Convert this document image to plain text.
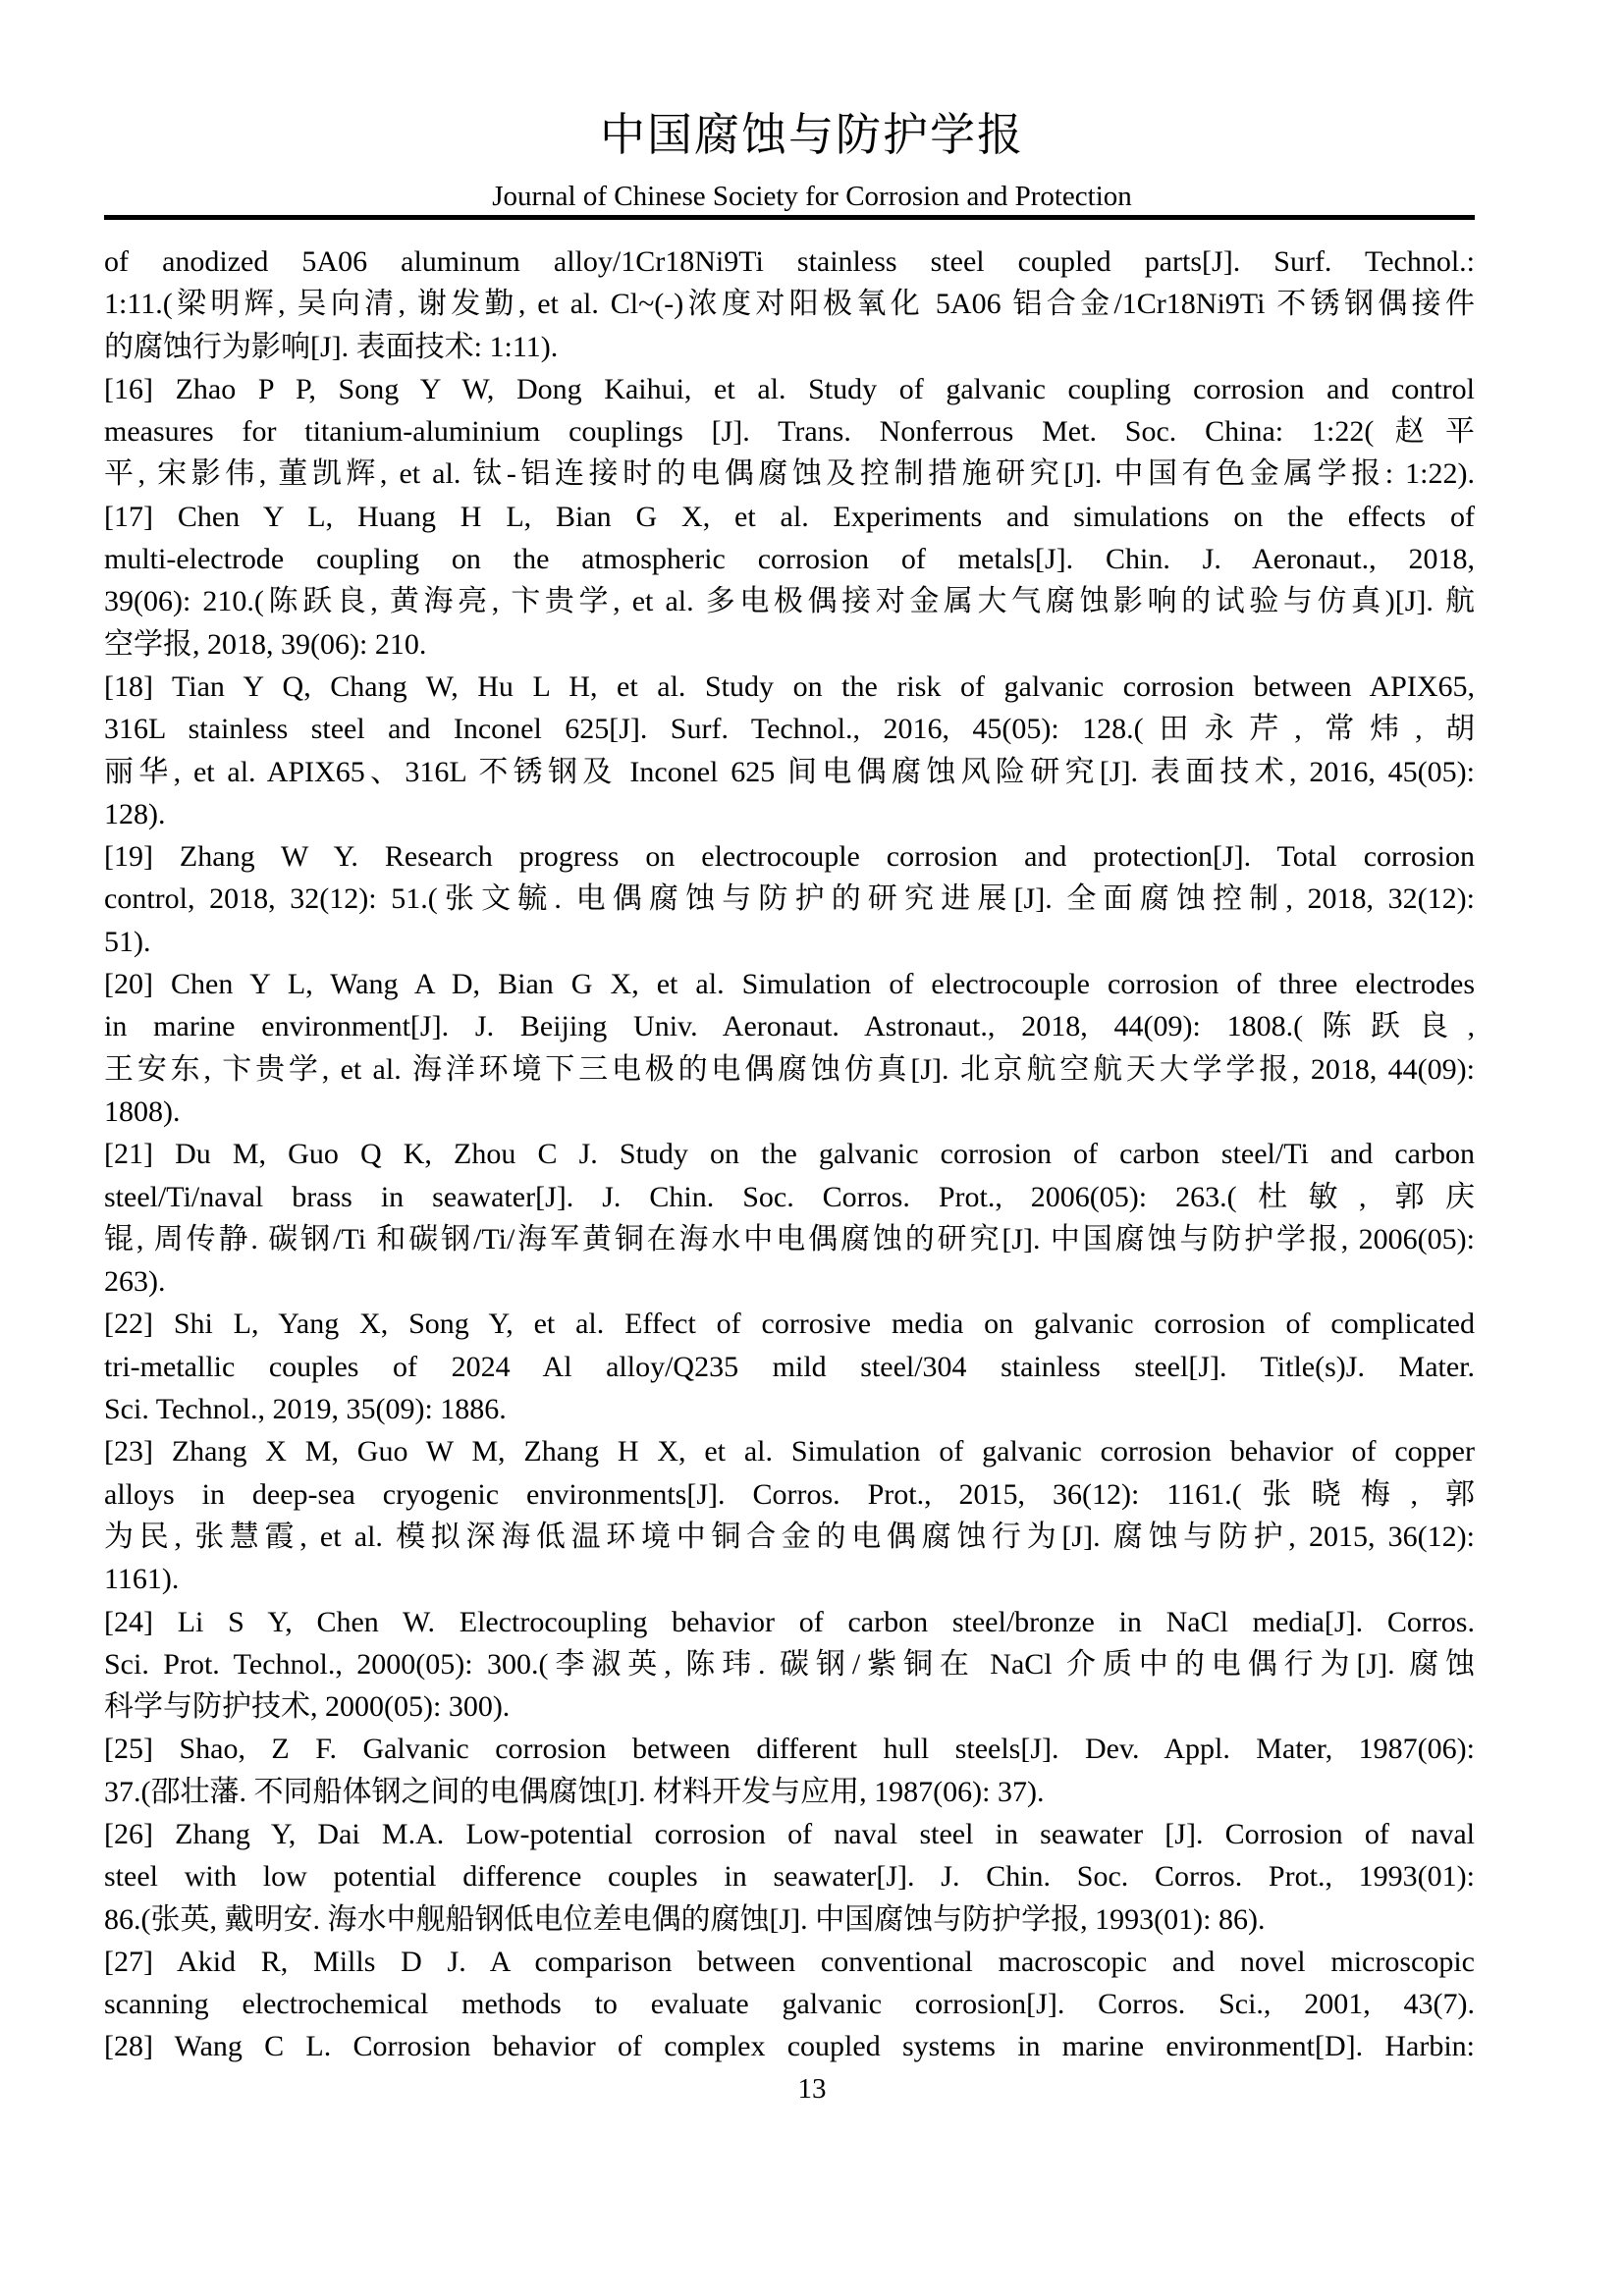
中国腐蚀与防护学报
Journal of Chinese Society for Corrosion and Protection
of anodized 5A06 aluminum alloy/1Cr18Ni9Ti stainless steel coupled parts[J]. Surf. Technol.:
1:11.(梁明辉, 吴向清, 谢发勤, et al. Cl~(-)浓度对阳极氧化 5A06 铝合金/1Cr18Ni9Ti 不锈钢偶接件
的腐蚀行为影响[J]. 表面技术: 1:11).
[16] Zhao P P, Song Y W, Dong Kaihui, et al. Study of galvanic coupling corrosion and control
measures for titanium-aluminium couplings [J]. Trans. Nonferrous Met. Soc. China: 1:22(赵平
平, 宋影伟, 董凯辉, et al. 钛-铝连接时的电偶腐蚀及控制措施研究[J]. 中国有色金属学报: 1:22).
[17] Chen Y L, Huang H L, Bian G X, et al. Experiments and simulations on the effects of
multi-electrode coupling on the atmospheric corrosion of metals[J]. Chin. J. Aeronaut., 2018,
39(06): 210.(陈跃良, 黄海亮, 卞贵学, et al. 多电极偶接对金属大气腐蚀影响的试验与仿真)[J]. 航
空学报, 2018, 39(06): 210.
[18] Tian Y Q, Chang W, Hu L H, et al. Study on the risk of galvanic corrosion between APIX65,
316L stainless steel and Inconel 625[J]. Surf. Technol., 2016, 45(05): 128.(田永芹, 常炜, 胡
丽华, et al. APIX65、316L 不锈钢及 Inconel 625 间电偶腐蚀风险研究[J]. 表面技术, 2016, 45(05):
128).
[19] Zhang W Y. Research progress on electrocouple corrosion and protection[J]. Total corrosion
control, 2018, 32(12): 51.(张文毓. 电偶腐蚀与防护的研究进展[J]. 全面腐蚀控制, 2018, 32(12):
51).
[20] Chen Y L, Wang A D, Bian G X, et al. Simulation of electrocouple corrosion of three electrodes
in marine environment[J]. J. Beijing Univ. Aeronaut. Astronaut., 2018, 44(09): 1808.(陈跃良,
王安东, 卞贵学, et al. 海洋环境下三电极的电偶腐蚀仿真[J]. 北京航空航天大学学报, 2018, 44(09):
1808).
[21] Du M, Guo Q K, Zhou C J. Study on the galvanic corrosion of carbon steel/Ti and carbon
steel/Ti/naval brass in seawater[J]. J. Chin. Soc. Corros. Prot., 2006(05): 263.(杜敏, 郭庆
锟, 周传静. 碳钢/Ti 和碳钢/Ti/海军黄铜在海水中电偶腐蚀的研究[J]. 中国腐蚀与防护学报, 2006(05):
263).
[22] Shi L, Yang X, Song Y, et al. Effect of corrosive media on galvanic corrosion of complicated
tri-metallic couples of 2024 Al alloy/Q235 mild steel/304 stainless steel[J]. Title(s)J. Mater.
Sci. Technol., 2019, 35(09): 1886.
[23] Zhang X M, Guo W M, Zhang H X, et al. Simulation of galvanic corrosion behavior of copper
alloys in deep-sea cryogenic environments[J]. Corros. Prot., 2015, 36(12): 1161.(张晓梅, 郭
为民, 张慧霞, et al. 模拟深海低温环境中铜合金的电偶腐蚀行为[J]. 腐蚀与防护, 2015, 36(12):
1161).
[24] Li S Y, Chen W. Electrocoupling behavior of carbon steel/bronze in NaCl media[J]. Corros.
Sci. Prot. Technol., 2000(05): 300.(李淑英, 陈玮. 碳钢/紫铜在 NaCl 介质中的电偶行为[J]. 腐蚀
科学与防护技术, 2000(05): 300).
[25] Shao, Z F. Galvanic corrosion between different hull steels[J]. Dev. Appl. Mater, 1987(06):
37.(邵壮藩. 不同船体钢之间的电偶腐蚀[J]. 材料开发与应用, 1987(06): 37).
[26] Zhang Y, Dai M.A. Low-potential corrosion of naval steel in seawater [J]. Corrosion of naval
steel with low potential difference couples in seawater[J]. J. Chin. Soc. Corros. Prot., 1993(01):
86.(张英, 戴明安. 海水中舰船钢低电位差电偶的腐蚀[J]. 中国腐蚀与防护学报, 1993(01): 86).
[27] Akid R, Mills D J. A comparison between conventional macroscopic and novel microscopic
scanning electrochemical methods to evaluate galvanic corrosion[J]. Corros. Sci., 2001, 43(7).
[28] Wang C L. Corrosion behavior of complex coupled systems in marine environment[D]. Harbin:
13
